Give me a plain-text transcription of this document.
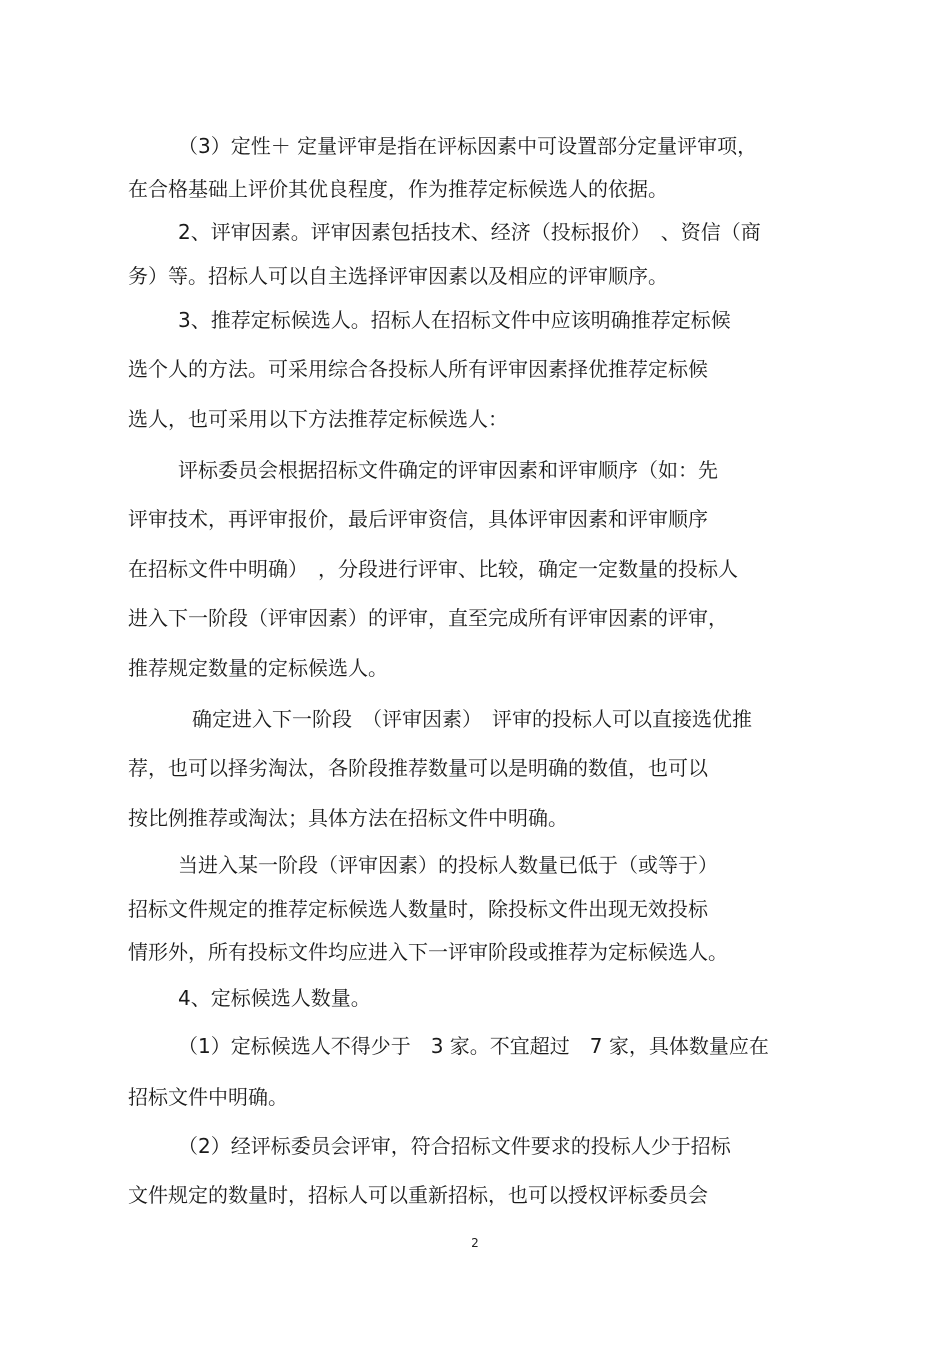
（3）定性＋ 定量评审是指在评标因素中可设置部分定量评审项，
在合格基础上评价其优良程度，作为推荐定标候选人的依据。
2、评审因素。评审因素包括技术、经济（投标报价）　、资信（商
务）等。招标人可以自主选择评审因素以及相应的评审顺序。
3、推荐定标候选人。招标人在招标文件中应该明确推荐定标候
选个人的方法。可采用综合各投标人所有评审因素择优推荐定标候
选人，也可采用以下方法推荐定标候选人：
评标委员会根据招标文件确定的评审因素和评审顺序（如：先
评审技术，再评审报价，最后评审资信，具体评审因素和评审顺序
在招标文件中明确）　，分段进行评审、比较，确定一定数量的投标人
进入下一阶段（评审因素）的评审，直至完成所有评审因素的评审，
推荐规定数量的定标候选人。
确定进入下一阶段　（评审因素）　评审的投标人可以直接选优推
荐，也可以择劣淘汰，各阶段推荐数量可以是明确的数值，也可以
按比例推荐或淘汰；具体方法在招标文件中明确。
当进入某一阶段（评审因素）的投标人数量已低于（或等于）
招标文件规定的推荐定标候选人数量时，除投标文件出现无效投标
情形外，所有投标文件均应进入下一评审阶段或推荐为定标候选人。
4、定标候选人数量。
（1）定标候选人不得少于　3 家。不宜超过　7 家，具体数量应在
招标文件中明确。
（2）经评标委员会评审，符合招标文件要求的投标人少于招标
文件规定的数量时，招标人可以重新招标，也可以授权评标委员会
2
